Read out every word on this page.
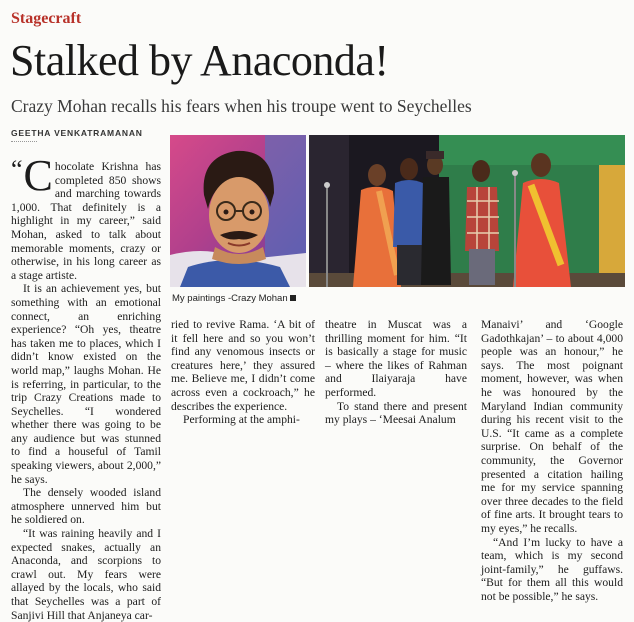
Stagecraft
Stalked by Anaconda!
Crazy Mohan recalls his fears when his troupe went to Seychelles
GEETHA VENKATRAMANAN

“ C hocolate Krishna has completed 850 shows and marching towards 1,000. That definitely is a highlight in my career,” said Mohan, asked to talk about memorable moments, crazy or otherwise, in his long career as a stage artiste.

It is an achievement yes, but something with an emotional connect, an enriching experience? “Oh yes, theatre has taken me to places, which I didn’t know existed on the world map,” laughs Mohan. He is referring, in particular, to the trip Crazy Creations made to Seychelles. “I wondered whether there was going to be any audience but was stunned to find a houseful of Tamil speaking viewers, about 2,000,” he says.

The densely wooded island atmosphere unnerved him but he soldiered on.

“It was raining heavily and I expected snakes, actually an Anaconda, and scorpions to crawl out. My fears were allayed by the locals, who said that Seychelles was a part of Sanjivi Hill that Anjaneya car-

My paintings -Crazy Mohan

ried to revive Rama. ‘A bit of it fell here and so you won’t find any venomous insects or creatures here,’ they assured me. Believe me, I didn’t come across even a cockroach,” he describes the experience.

Performing at the amphi-

theatre in Muscat was a thrilling moment for him. “It is basically a stage for music – where the likes of Rahman and Ilaiyaraja have performed.

To stand there and present my plays – ‘Meesai Analum

Manaivi’ and ‘Google Gadothkajan’ – to about 4,000 people was an honour,” he says. The most poignant moment, however, was when he was honoured by the Maryland Indian community during his recent visit to the U.S. “It came as a complete surprise. On behalf of the community, the Governor presented a citation hailing me for my service spanning over three decades to the field of fine arts. It brought tears to my eyes,” he recalls.

“And I’m lucky to have a team, which is my second joint-family,” he guffaws. “But for them all this would not be possible,” he says.
